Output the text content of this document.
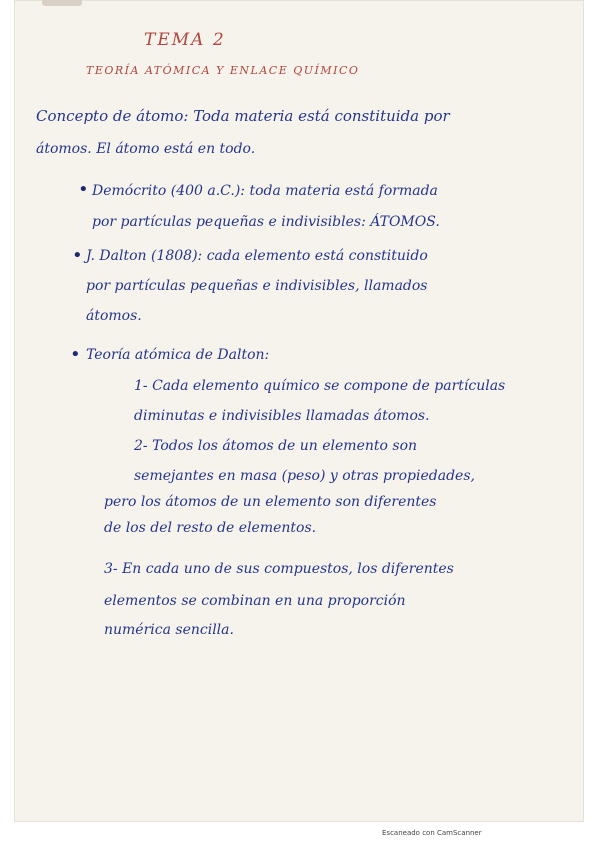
TEMA 2
TEORÍA ATÓMICA Y ENLACE QUÍMICO
Concepto de átomo: Toda materia está constituida por
átomos. El átomo está en todo.
• Demócrito (400 a.C.): toda materia está formada
por partículas pequeñas e indivisibles: ÁTOMOS.
• J. Dalton (1808): cada elemento está constituido
por partículas pequeñas e indivisibles, llamados
átomos.
• Teoría atómica de Dalton:
1- Cada elemento químico se compone de partículas
diminutas e indivisibles llamadas átomos.
2- Todos los átomos de un elemento son
semejantes en masa (peso) y otras propiedades,
pero los átomos de un elemento son diferentes
de los del resto de elementos.
3- En cada uno de sus compuestos, los diferentes
elementos se combinan en una proporción
numérica sencilla.
Escaneado con CamScanner
